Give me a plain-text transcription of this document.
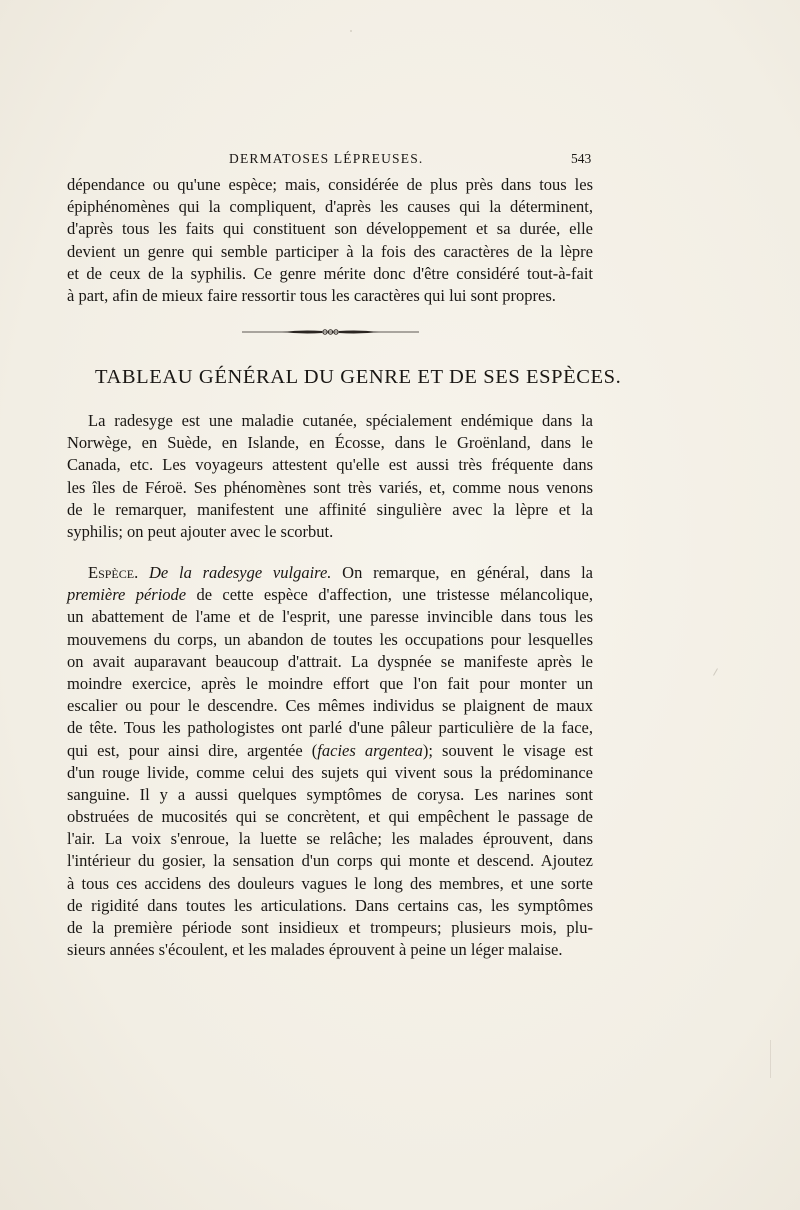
DERMATOSES LÉPREUSES.	543
dépendance ou qu'une espèce; mais, considérée de plus près dans tous les
épiphénomènes qui la compliquent, d'après les causes qui la déterminent,
d'après tous les faits qui constituent son développement et sa durée, elle
devient un genre qui semble participer à la fois des caractères de la lèpre
et de ceux de la syphilis. Ce genre mérite donc d'être considéré tout-à-fait
à part, afin de mieux faire ressortir tous les caractères qui lui sont propres.
TABLEAU GÉNÉRAL DU GENRE ET DE SES ESPÈCES.
La radesyge est une maladie cutanée, spécialement endémique dans la
Norwège, en Suède, en Islande, en Écosse, dans le Groënland, dans le
Canada, etc. Les voyageurs attestent qu'elle est aussi très fréquente dans
les îles de Féroë. Ses phénomènes sont très variés, et, comme nous venons
de le remarquer, manifestent une affinité singulière avec la lèpre et la
syphilis; on peut ajouter avec le scorbut.
Espèce. De la radesyge vulgaire. On remarque, en général, dans la
première période de cette espèce d'affection, une tristesse mélancolique,
un abattement de l'ame et de l'esprit, une paresse invincible dans tous les
mouvemens du corps, un abandon de toutes les occupations pour lesquelles
on avait auparavant beaucoup d'attrait. La dyspnée se manifeste après le
moindre exercice, après le moindre effort que l'on fait pour monter un
escalier ou pour le descendre. Ces mêmes individus se plaignent de maux
de tête. Tous les pathologistes ont parlé d'une pâleur particulière de la face,
qui est, pour ainsi dire, argentée (facies argentea); souvent le visage est
d'un rouge livide, comme celui des sujets qui vivent sous la prédominance
sanguine. Il y a aussi quelques symptômes de corysa. Les narines sont
obstruées de mucosités qui se concrètent, et qui empêchent le passage de
l'air. La voix s'enroue, la luette se relâche; les malades éprouvent, dans
l'intérieur du gosier, la sensation d'un corps qui monte et descend. Ajoutez
à tous ces accidens des douleurs vagues le long des membres, et une sorte
de rigidité dans toutes les articulations. Dans certains cas, les symptômes
de la première période sont insidieux et trompeurs; plusieurs mois, plu-
sieurs années s'écoulent, et les malades éprouvent à peine un léger malaise.
